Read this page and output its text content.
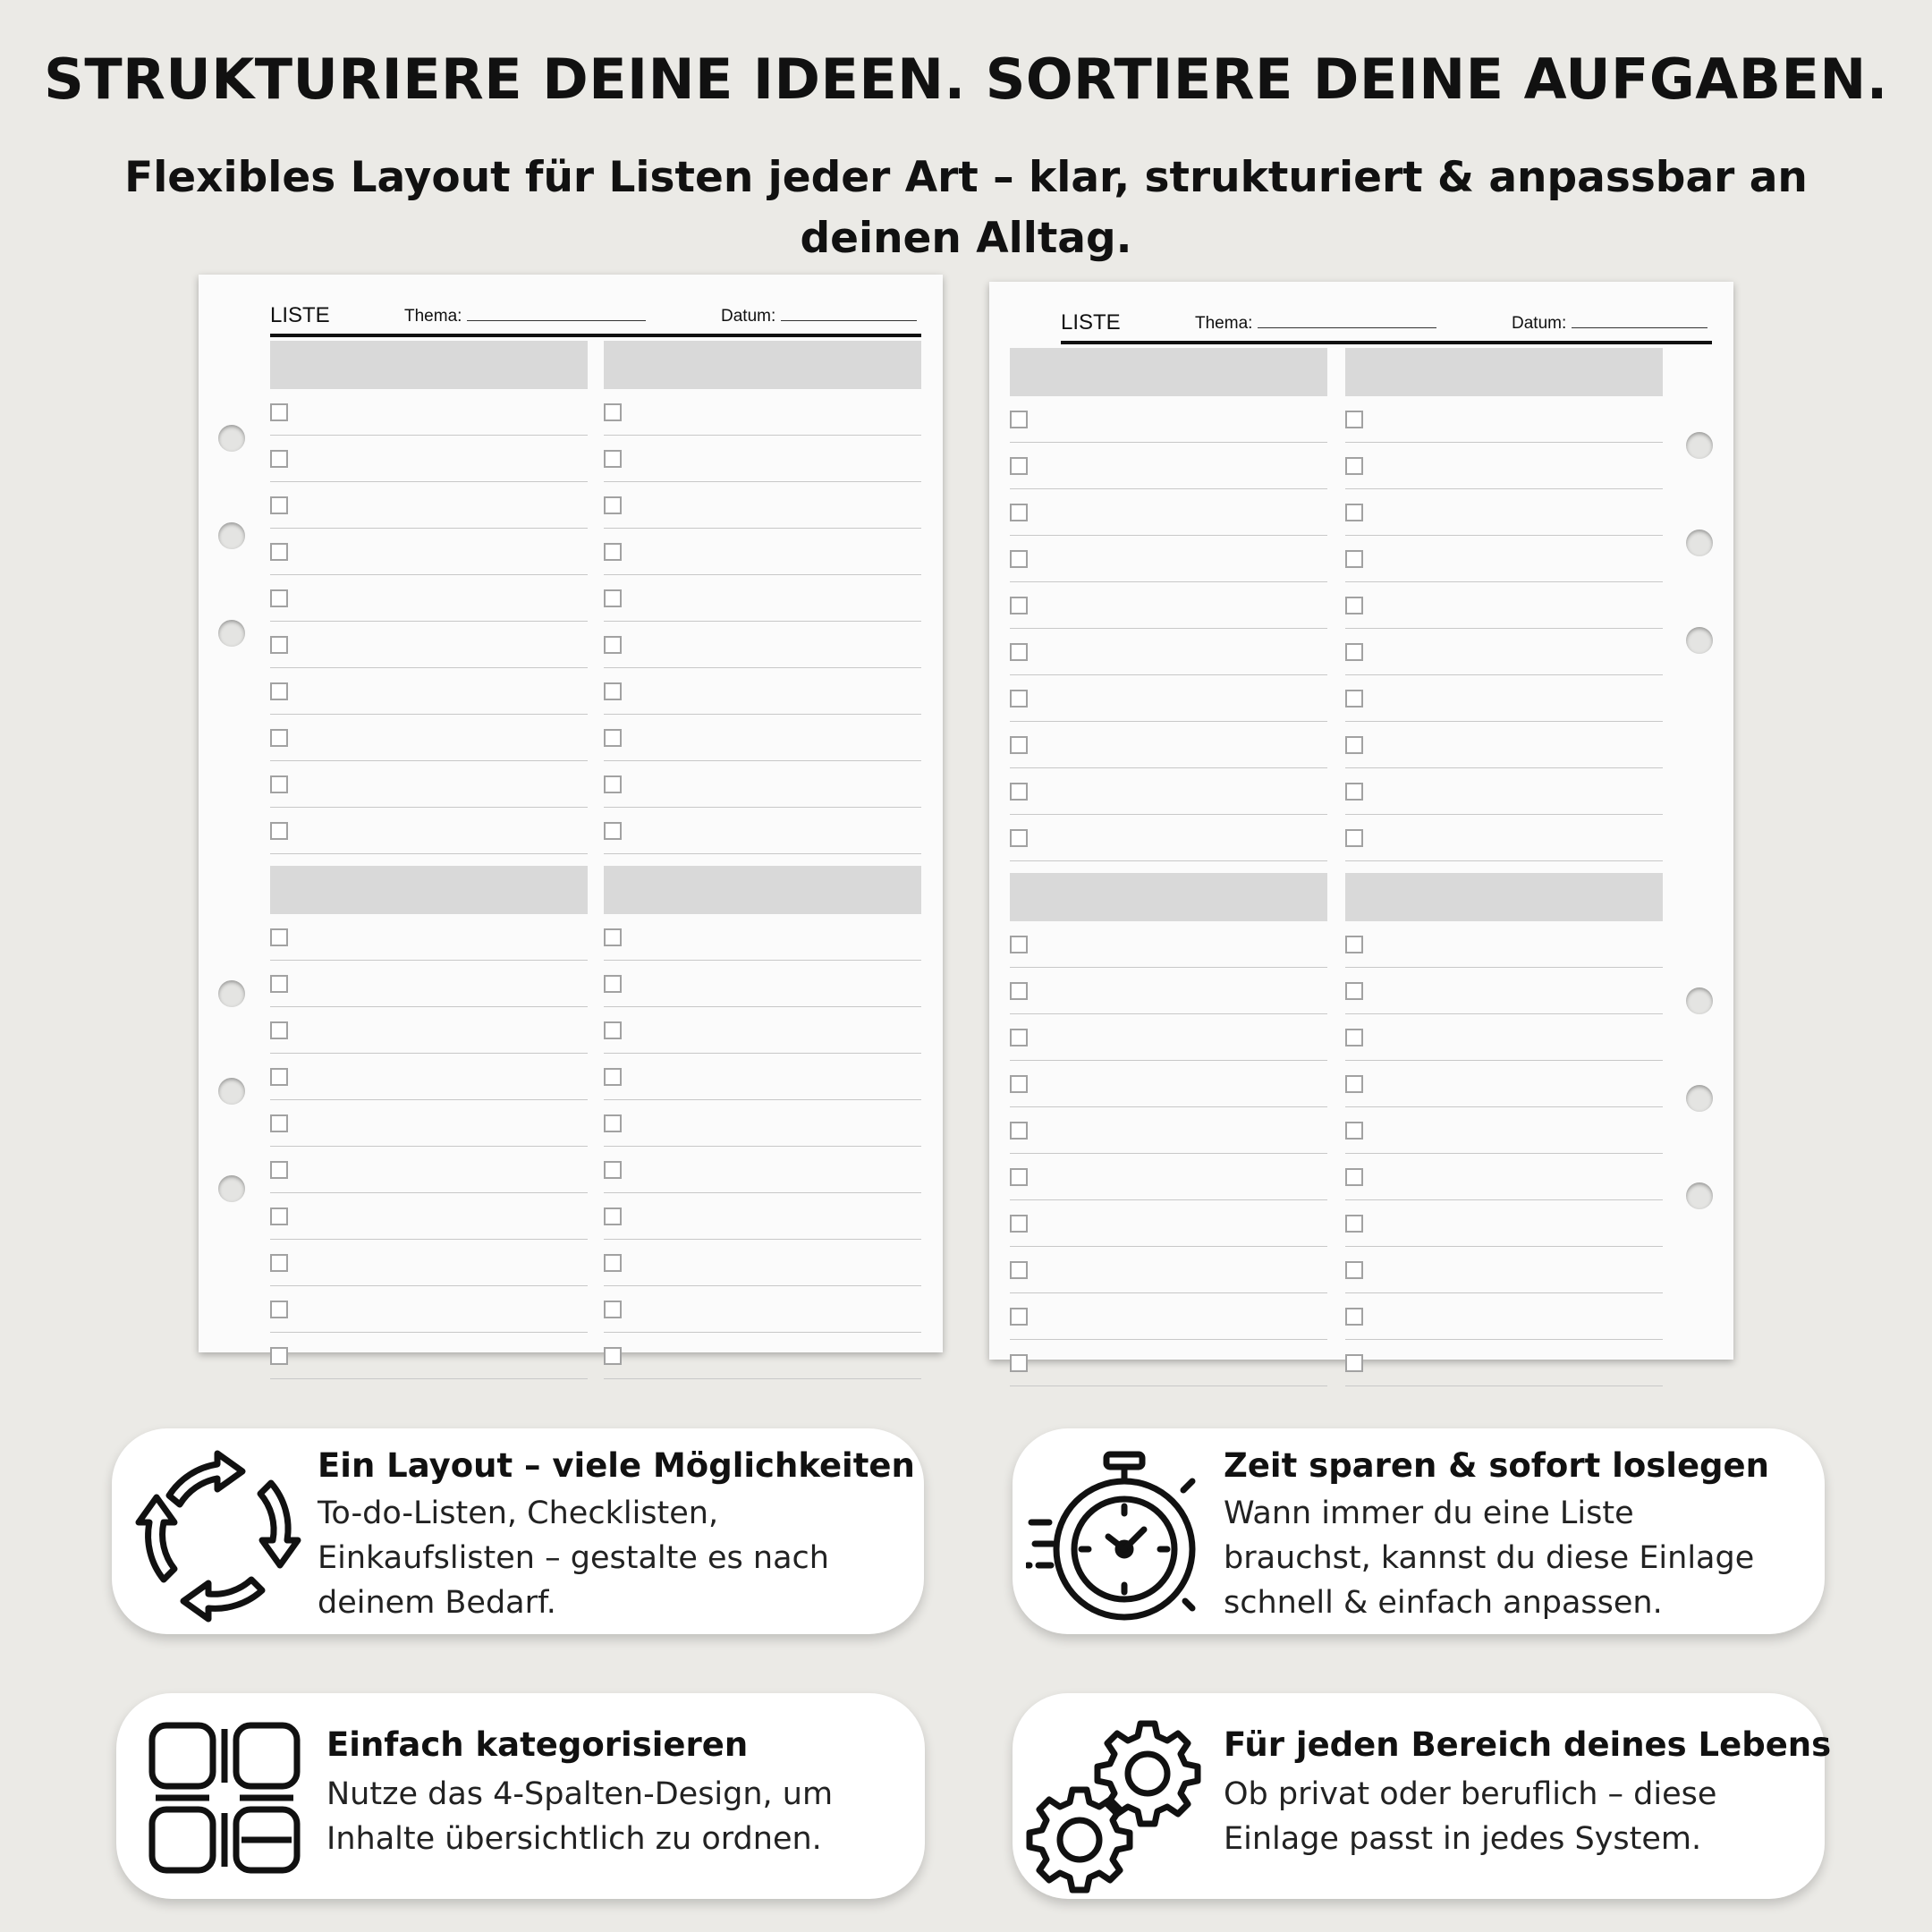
STRUKTURIERE DEINE IDEEN. SORTIERE DEINE AUFGABEN.
Flexibles Layout für Listen jeder Art – klar, strukturiert & anpassbar an deinen Alltag.
LISTE	Thema:	Datum:	LISTE	Thema:	Datum:
Ein Layout – viele Möglichkeiten
To-do-Listen, Checklisten,
Einkaufslisten – gestalte es nach
deinem Bedarf.
Zeit sparen & sofort loslegen
Wann immer du eine Liste
brauchst, kannst du diese Einlage
schnell & einfach anpassen.
Einfach kategorisieren
Nutze das 4-Spalten-Design, um
Inhalte übersichtlich zu ordnen.
Für jeden Bereich deines Lebens
Ob privat oder beruflich – diese
Einlage passt in jedes System.
